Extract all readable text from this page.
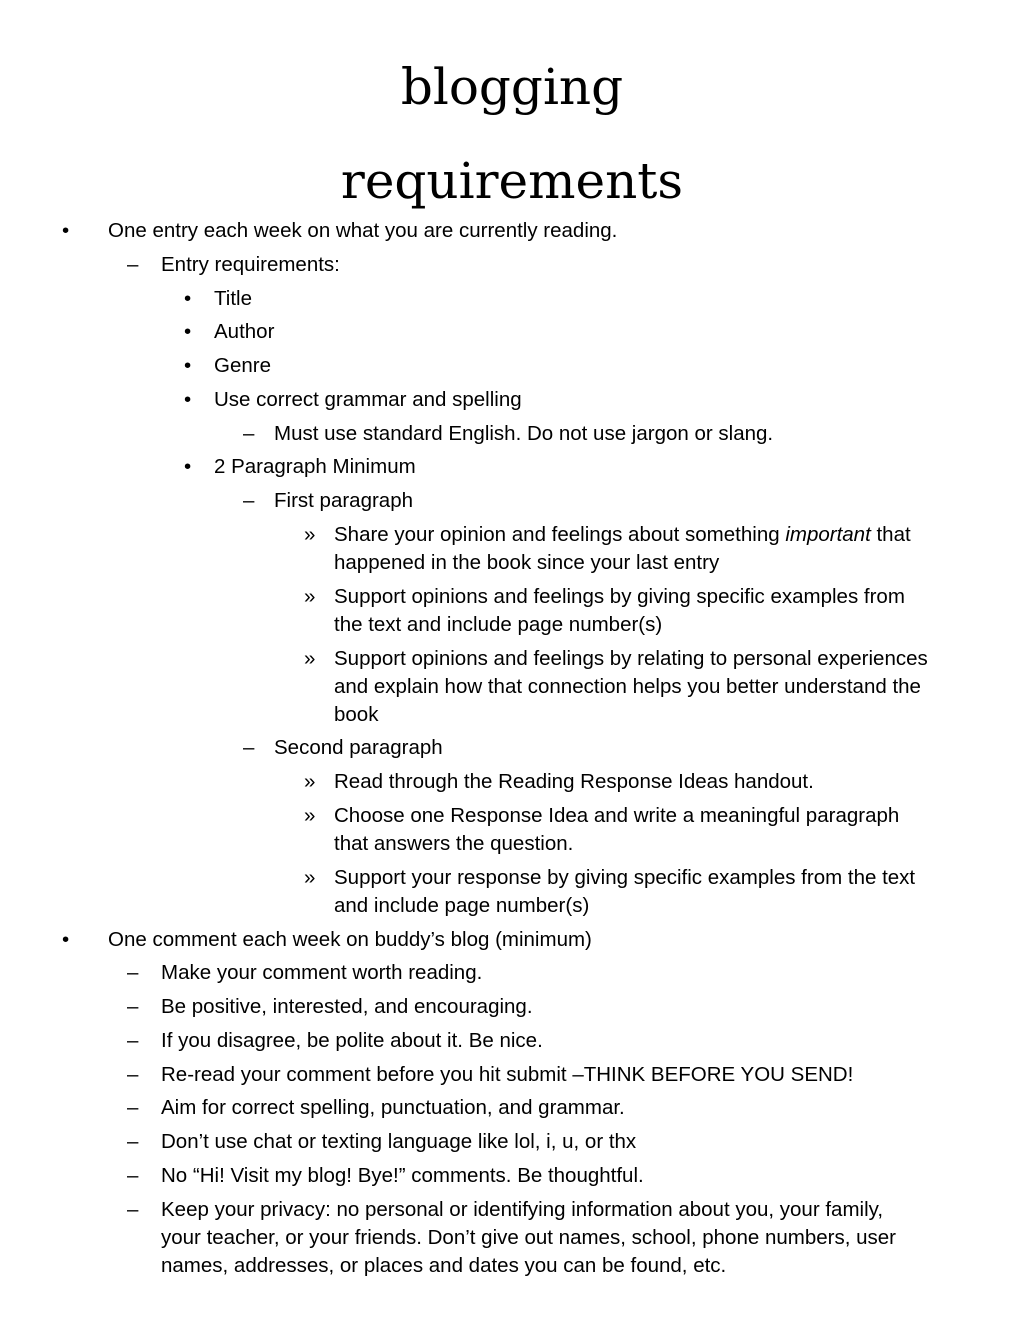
blogging
requirements
• One entry each week on what you are currently reading.
– Entry requirements:
• Title
• Author
• Genre
• Use correct grammar and spelling
– Must use standard English. Do not use jargon or slang.
• 2 Paragraph Minimum
– First paragraph
» Share your opinion and feelings about something important that
happened in the book since your last entry
» Support opinions and feelings by giving specific examples from
the text and include page number(s)
» Support opinions and feelings by relating to personal experiences
and explain how that connection helps you better understand the
book
– Second paragraph
» Read through the Reading Response Ideas handout.
» Choose one Response Idea and write a meaningful paragraph
that answers the question.
» Support your response by giving specific examples from the text
and include page number(s)
• One comment each week on buddy’s blog (minimum)
– Make your comment worth reading.
– Be positive, interested, and encouraging.
– If you disagree, be polite about it. Be nice.
– Re-read your comment before you hit submit –THINK BEFORE YOU SEND!
– Aim for correct spelling, punctuation, and grammar.
– Don’t use chat or texting language like lol, i, u, or thx
– No “Hi! Visit my blog! Bye!” comments. Be thoughtful.
– Keep your privacy: no personal or identifying information about you, your family,
your teacher, or your friends. Don’t give out names, school, phone numbers, user
names, addresses, or places and dates you can be found, etc.
